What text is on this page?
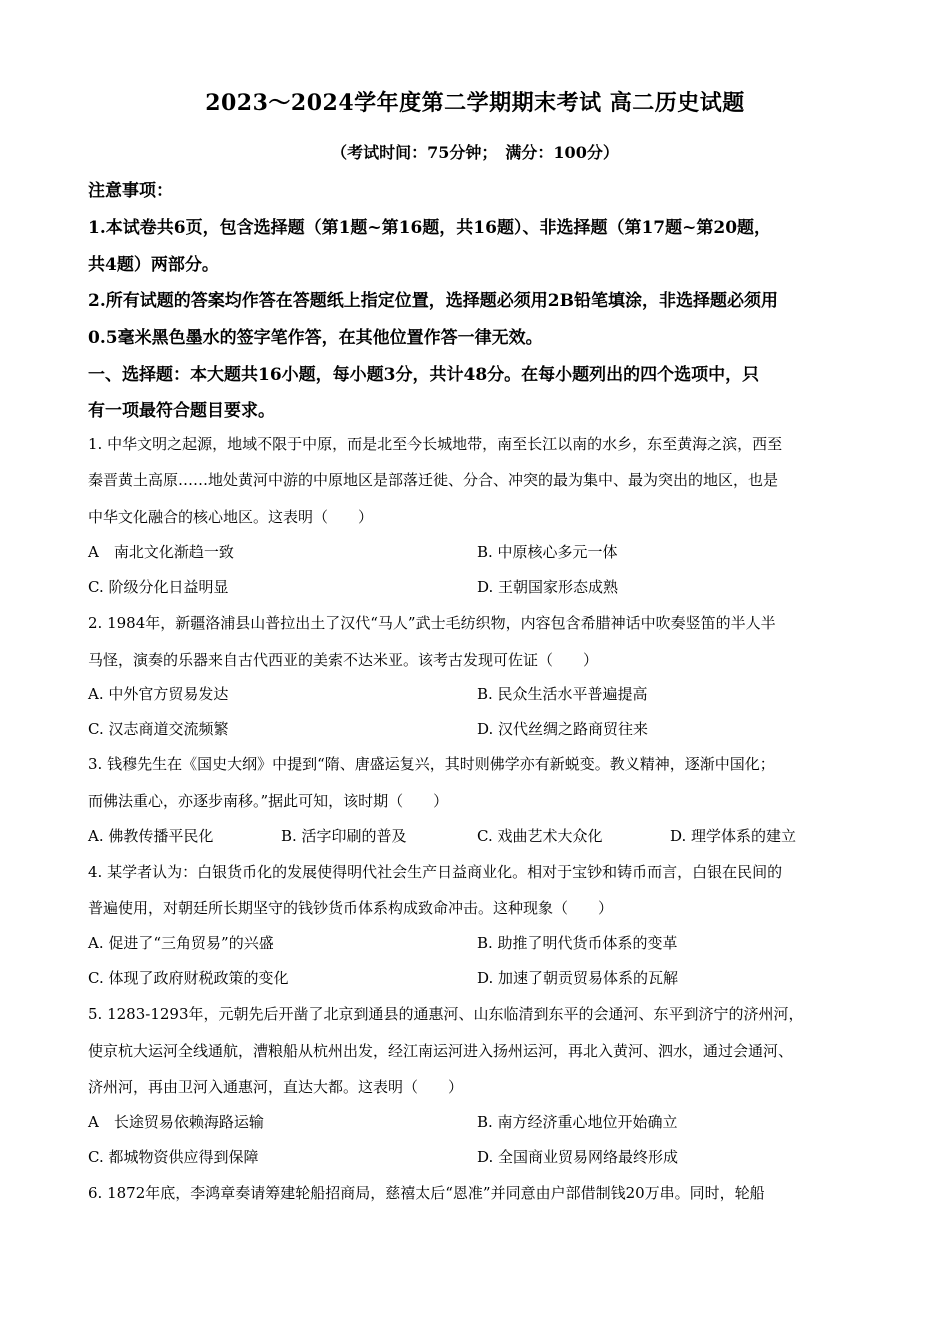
2023～2024学年度第二学期期末考试 高二历史试题
（考试时间：75分钟；　满分：100分）
注意事项：
1.本试卷共6页，包含选择题（第1题~第16题，共16题）、非选择题（第17题~第20题，
共4题）两部分。
2.所有试题的答案均作答在答题纸上指定位置，选择题必须用2B铅笔填涂，非选择题必须用
0.5毫米黑色墨水的签字笔作答，在其他位置作答一律无效。
一、选择题：本大题共16小题，每小题3分，共计48分。在每小题列出的四个选项中，只
有一项最符合题目要求。
1. 中华文明之起源，地域不限于中原，而是北至今长城地带，南至长江以南的水乡，东至黄海之滨，西至
秦晋黄土高原……地处黄河中游的中原地区是部落迁徙、分合、冲突的最为集中、最为突出的地区，也是
中华文化融合的核心地区。这表明（　　）
A　南北文化渐趋一致	B. 中原核心多元一体
C. 阶级分化日益明显	D. 王朝国家形态成熟
2. 1984年，新疆洛浦县山普拉出土了汉代“马人”武士毛纺织物，内容包含希腊神话中吹奏竖笛的半人半
马怪，演奏的乐器来自古代西亚的美索不达米亚。该考古发现可佐证（　　）
A. 中外官方贸易发达	B. 民众生活水平普遍提高
C. 汉志商道交流频繁	D. 汉代丝绸之路商贸往来
3. 钱穆先生在《国史大纲》中提到“隋、唐盛运复兴，其时则佛学亦有新蜕变。教义精神，逐渐中国化；
而佛法重心，亦逐步南移。”据此可知，该时期（　　）
A. 佛教传播平民化	B. 活字印刷的普及	C. 戏曲艺术大众化	D. 理学体系的建立
4. 某学者认为：白银货币化的发展使得明代社会生产日益商业化。相对于宝钞和铸币而言，白银在民间的
普遍使用，对朝廷所长期坚守的钱钞货币体系构成致命冲击。这种现象（　　）
A. 促进了“三角贸易”的兴盛	B. 助推了明代货币体系的变革
C. 体现了政府财税政策的变化	D. 加速了朝贡贸易体系的瓦解
5. 1283-1293年，元朝先后开凿了北京到通县的通惠河、山东临清到东平的会通河、东平到济宁的济州河，
使京杭大运河全线通航，漕粮船从杭州出发，经江南运河进入扬州运河，再北入黄河、泗水，通过会通河、
济州河，再由卫河入通惠河，直达大都。这表明（　　）
A　长途贸易依赖海路运输	B. 南方经济重心地位开始确立
C. 都城物资供应得到保障	D. 全国商业贸易网络最终形成
6. 1872年底，李鸿章奏请筹建轮船招商局，慈禧太后“恩准”并同意由户部借制钱20万串。同时，轮船
